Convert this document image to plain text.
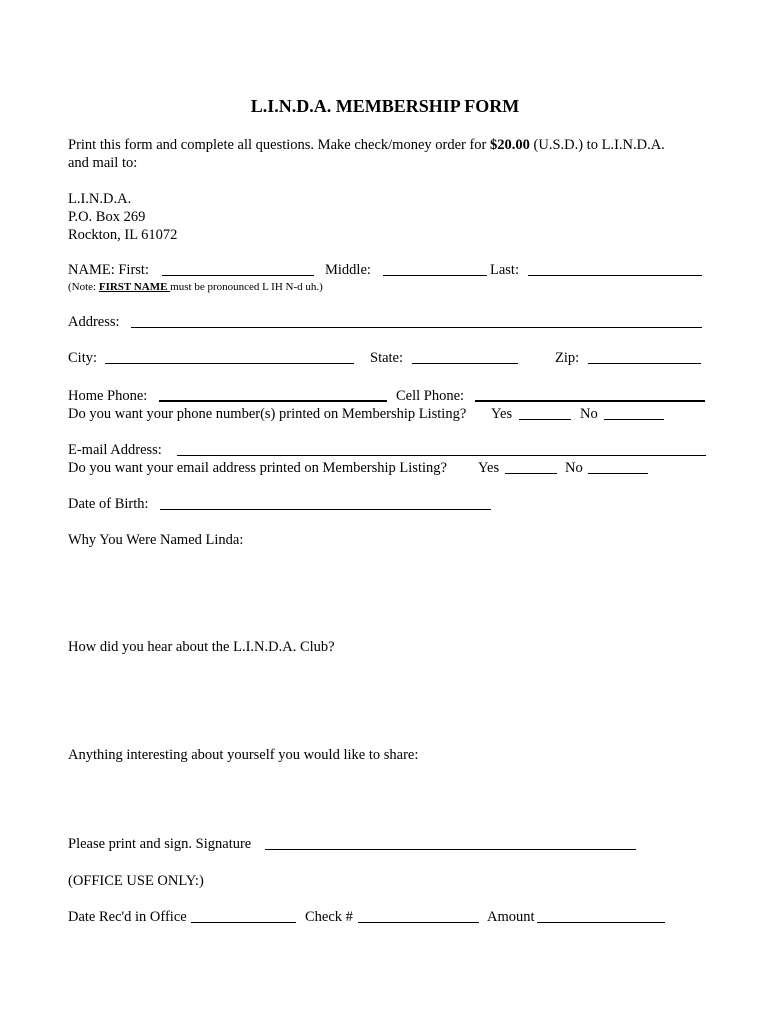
L.I.N.D.A. MEMBERSHIP FORM
Print this form and complete all questions. Make check/money order for $20.00 (U.S.D.) to L.I.N.D.A.
and mail to:
L.I.N.D.A.
P.O. Box 269
Rockton, IL 61072
NAME: First:	Middle:	Last:
(Note: FIRST NAME must be pronounced L IH N-d uh.)
Address:
City:	State:	Zip:
Home Phone:	Cell Phone:
Do you want your phone number(s) printed on Membership Listing? Yes	No
E-mail Address:
Do you want your email address printed on Membership Listing? Yes	No
Date of Birth:
Why You Were Named Linda:
How did you hear about the L.I.N.D.A. Club?
Anything interesting about yourself you would like to share:
Please print and sign. Signature
(OFFICE USE ONLY:)
Date Rec'd in Office	Check #	Amount
